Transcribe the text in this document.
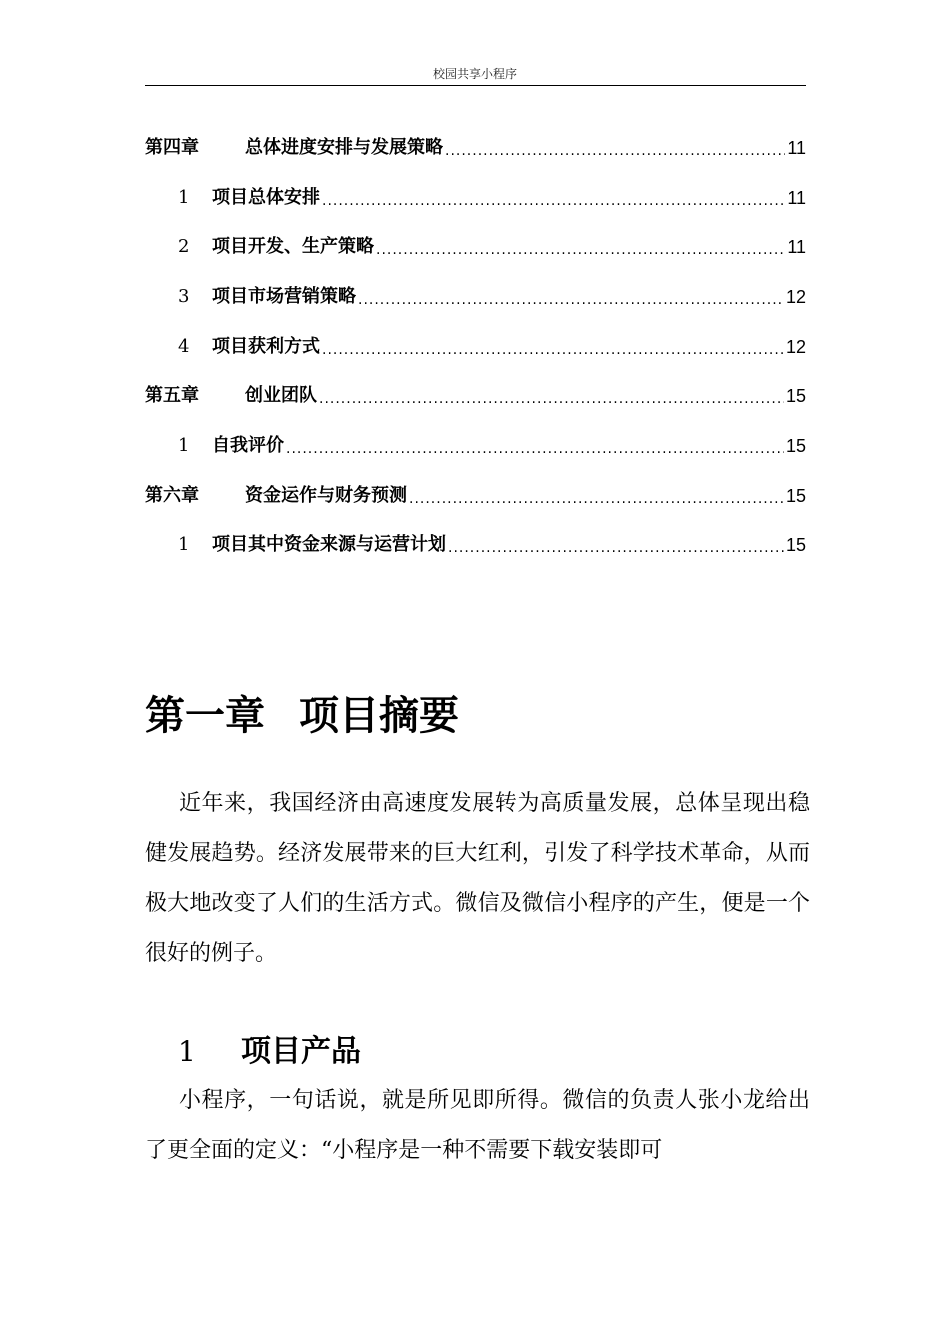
校园共享小程序
第四章	总体进度安排与发展策略 .....	11
1	项目总体安排 .....	11
2	项目开发、生产策略 .....	11
3	项目市场营销策略 .....	12
4	项目获利方式 .....	12
第五章	创业团队 .....	15
1	自我评价 .....	15
第六章	资金运作与财务预测 .....	15
1	项目其中资金来源与运营计划 .....	15
第一章 项目摘要
近年来，我国经济由高速度发展转为高质量发展，总体呈现出稳健发展趋势。经济发展带来的巨大红利，引发了科学技术革命，从而极大地改变了人们的生活方式。微信及微信小程序的产生，便是一个很好的例子。
1 项目产品
小程序，一句话说，就是所见即所得。微信的负责人张小龙给出了更全面的定义：“小程序是一种不需要下载安装即可
